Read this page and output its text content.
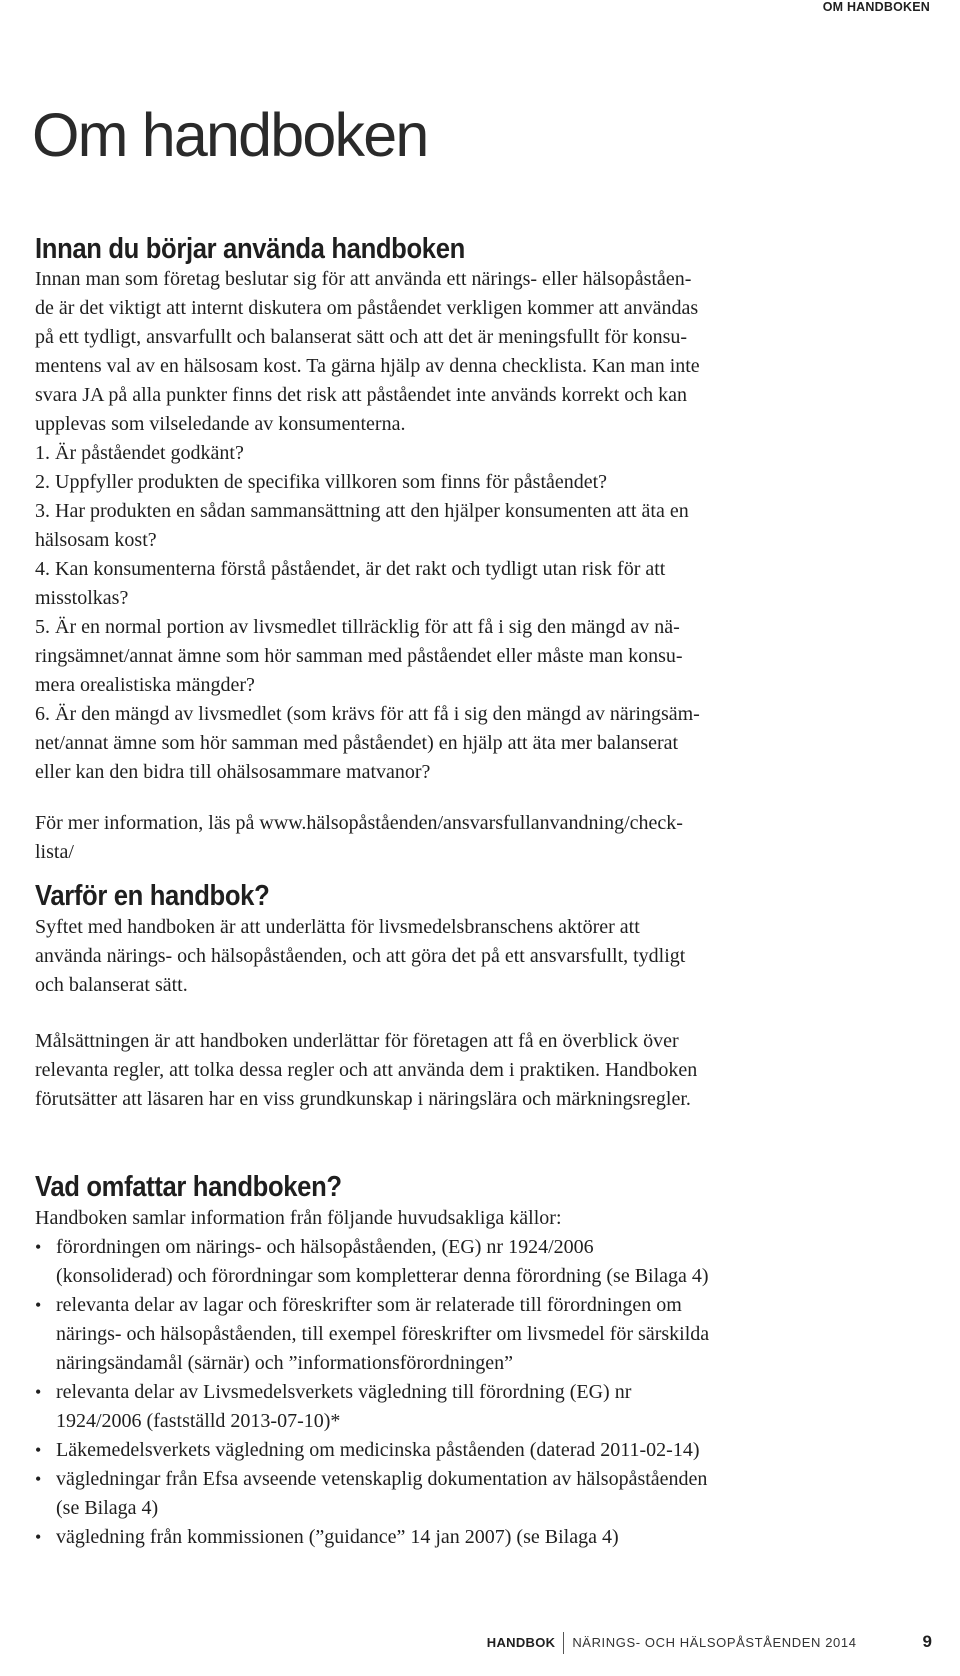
OM HANDBOKEN
Om handboken
Innan du börjar använda handboken
Innan man som företag beslutar sig för att använda ett närings- eller hälsopåståen-
de är det viktigt att internt diskutera om påståendet verkligen kommer att användas
på ett tydligt, ansvarfullt och balanserat sätt och att det är meningsfullt för konsu-
mentens val av en hälsosam kost. Ta gärna hjälp av denna checklista. Kan man inte
svara JA på alla punkter finns det risk att påståendet inte används korrekt och kan
upplevas som vilseledande av konsumenterna.
1. Är påståendet godkänt?
2. Uppfyller produkten de specifika villkoren som finns för påståendet?
3. Har produkten en sådan sammansättning att den hjälper konsumenten att äta en
hälsosam kost?
4. Kan konsumenterna förstå påståendet, är det rakt och tydligt utan risk för att
misstolkas?
5. Är en normal portion av livsmedlet tillräcklig för att få i sig den mängd av nä-
ringsämnet/annat ämne som hör samman med påståendet eller måste man konsu-
mera orealistiska mängder?
6. Är den mängd av livsmedlet (som krävs för att få i sig den mängd av näringsäm-
net/annat ämne som hör samman med påståendet) en hjälp att äta mer balanserat
eller kan den bidra till ohälsosammare matvanor?
För mer information, läs på www.hälsopåståenden/ansvarsfullanvandning/check-
lista/
Varför en handbok?
Syftet med handboken är att underlätta för livsmedelsbranschens aktörer att
använda närings- och hälsopåståenden, och att göra det på ett ansvarsfullt, tydligt
och balanserat sätt.
Målsättningen är att handboken underlättar för företagen att få en överblick över
relevanta regler, att tolka dessa regler och att använda dem i praktiken. Handboken
förutsätter att läsaren har en viss grundkunskap i näringslära och märkningsregler.
Vad omfattar handboken?
Handboken samlar information från följande huvudsakliga källor:
• förordningen om närings- och hälsopåståenden, (EG) nr 1924/2006
(konsoliderad) och förordningar som kompletterar denna förordning (se Bilaga 4)
• relevanta delar av lagar och föreskrifter som är relaterade till förordningen om
närings- och hälsopåståenden, till exempel föreskrifter om livsmedel för särskilda
näringsändamål (särnär) och ”informationsförordningen”
• relevanta delar av Livsmedelsverkets vägledning till förordning (EG) nr
1924/2006 (fastställd 2013-07-10)*
• Läkemedelsverkets vägledning om medicinska påståenden (daterad 2011-02-14)
• vägledningar från Efsa avseende vetenskaplig dokumentation av hälsopåståenden
(se Bilaga 4)
• vägledning från kommissionen (”guidance” 14 jan 2007) (se Bilaga 4)
HANDBOK NÄRINGS- OCH HÄLSOPÅSTÅENDEN 2014	9
